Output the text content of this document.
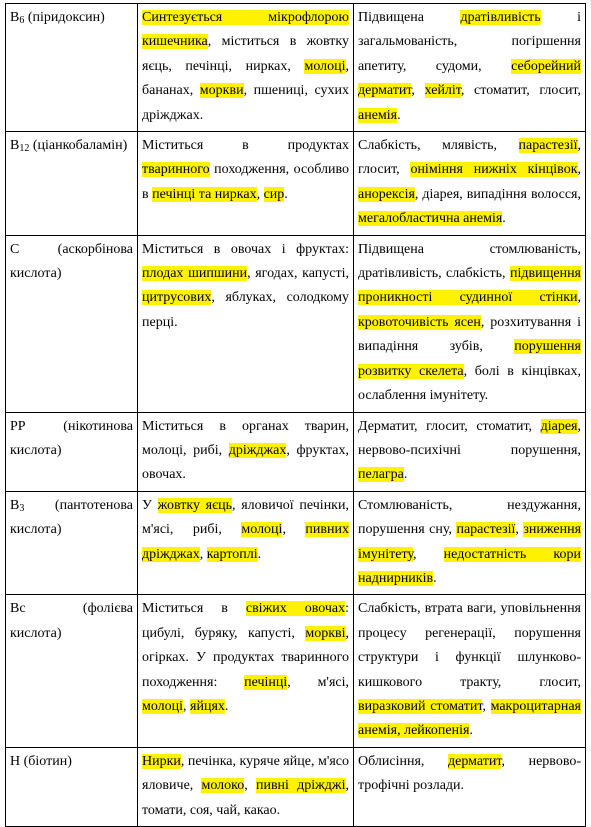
$B_6$ (піридоксин)	Синтезується мікрофлорою кишечника, міститься в жовтку яєць, печінці, нирках, молоці, бананах, моркви, пшениці, сухих дріжджах.	Підвищена дратівливість і загальмованість, погіршення апетиту, судоми, себорейний дерматит, хейліт, стоматит, глосит, анемія.
$B_{12}$ (ціанкобаламін)	Міститься в продуктах тваринного походження, особливо в печінці та нирках, сир.	Слабкість, млявість, парастезії, глосит, оніміння нижніх кінцівок, анорексія, діарея, випадіння волосся, мегалобластична анемія.
C (аскорбінова кислота)	Міститься в овочах і фруктах: плодах шипшини, ягодах, капусті, цитрусових, яблуках, солодкому перці.	Підвищена стомлюваність, дратівливість, слабкість, підвищення проникності судинної стінки, кровоточивість ясен, розхитування і випадіння зубів, порушення розвитку скелета, болі в кінцівках, ослаблення імунітету.
PP (нікотинова кислота)	Міститься в органах тварин, молоці, рибі, дріжджах, фруктах, овочах.	Дерматит, глосит, стоматит, діарея, нервово-психічні порушення, пелагра.
$B_3$ (пантотенова кислота)	У жовтку яєць, яловичої печінки, м'ясі, рибі, молоці, пивних дріжджах, картоплі.	Стомлюваність, нездужання, порушення сну, парастезії, зниження імунітету, недостатність кори наднирників.
Bc (фолієва кислота)	Міститься в свіжих овочах: цибулі, буряку, капусті, моркві, огірках. У продуктах тваринного походження: печінці, м'ясі, молоці, яйцях.	Слабкість, втрата ваги, уповільнення процесу регенерації, порушення структури і функції шлунково-кишкового тракту, глосит, виразковий стоматит, макроцитарная анемія, лейкопенія.
H (біотин)	Нирки, печінка, куряче яйце, м'ясо яловиче, молоко, пивні дріжджі, томати, соя, чай, какао.	Облисіння, дерматит, нервово-трофічні розлади.
